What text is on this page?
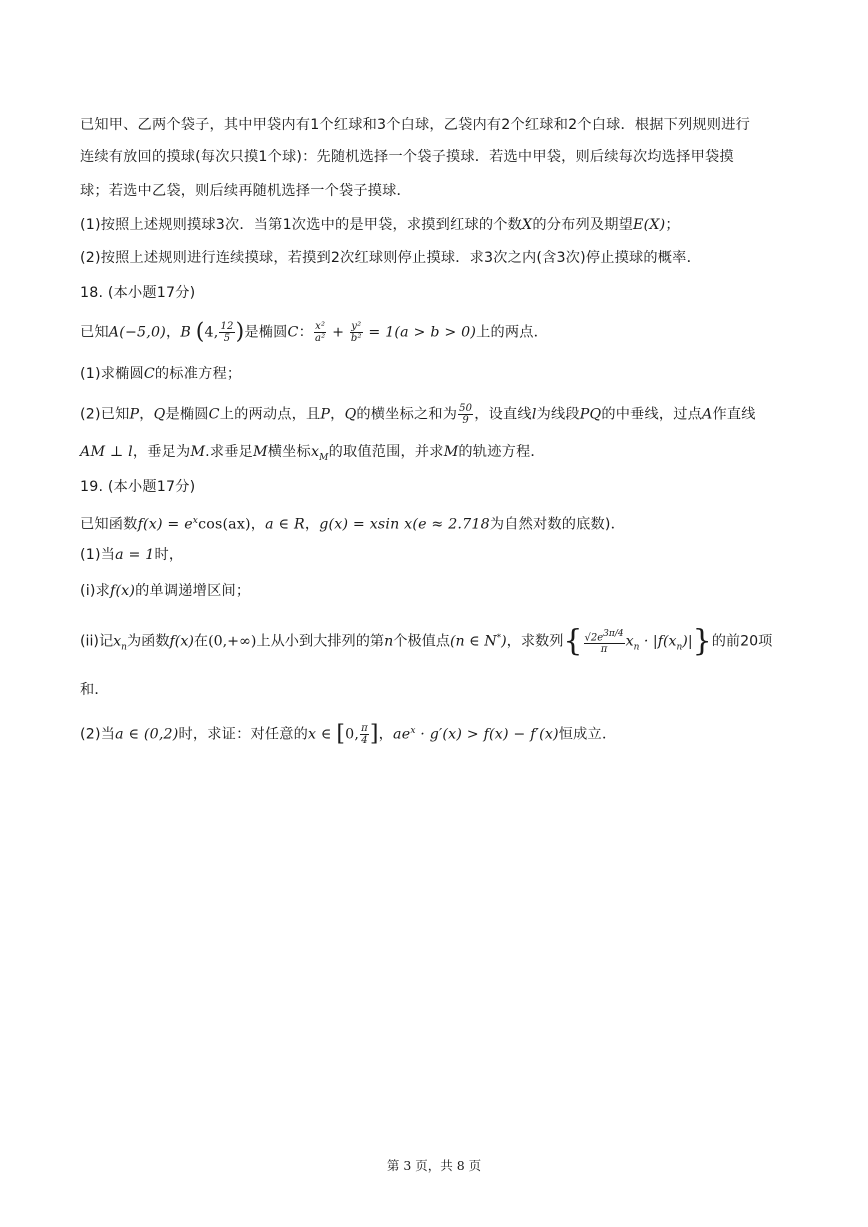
已知甲、乙两个袋子，其中甲袋内有1个红球和3个白球，乙袋内有2个红球和2个白球．根据下列规则进行
连续有放回的摸球(每次只摸1个球)：先随机选择一个袋子摸球．若选中甲袋，则后续每次均选择甲袋摸
球；若选中乙袋，则后续再随机选择一个袋子摸球．
(1)按照上述规则摸球3次．当第1次选中的是甲袋，求摸到红球的个数X的分布列及期望E(X)；
(2)按照上述规则进行连续摸球，若摸到2次红球则停止摸球．求3次之内(含3次)停止摸球的概率．
18. (本小题17分)
已知A(−5,0)，B (4, $\frac{12}{5}$ )是椭圆C： $\frac{\text{x²}}{\text{a²}} + \frac{\text{y²}}{\text{b²}} = 1(a > b > 0)$上的两点．
(1)求椭圆C的标准方程；
(2)已知P，Q是椭圆C上的两动点，且P，Q的横坐标之和为 $\frac{50}{9}$ ，设直线l为线段PQ的中垂线，过点A作直线
AM ⊥ l，垂足为M.求垂足M横坐标$x_M$的取值范围，并求M的轨迹方程．
19. (本小题17分)
已知函数$f(x) = e^x\cos(ax)$，a ∈ R，g(x) = xsin x(e ≈ 2.718为自然对数的底数)．
(1)当a = 1时，
(i)求f(x)的单调递增区间；
(ii)记$x_n$为函数f(x)在(0,+∞)上从小到大排列的第n个极值点(n ∈ N*)，求数列{ $\frac{√2e^{3\pi/4}}{\pi} x_n \cdot |f(x_n)|$}的前20项
和．
(2)当a ∈ (0,2)时，求证：对任意的x ∈ [0, $\frac{\pi}{4}$ ]，$ae^x \cdot g'(x) > f(x) - f'(x)$恒成立．
第 3 页，共 8 页
